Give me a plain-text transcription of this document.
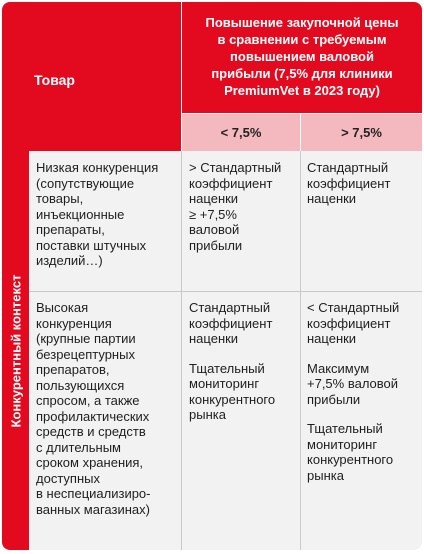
Товар
Повышение закупочной цены
в сравнении с требуемым
повышением валовой
прибыли (7,5% для клиники
PremiumVet в 2023 году)
< 7,5%	> 7,5%
Конкурентный контекст
Низкая конкуренция
(сопутствующие
товары,
инъекционные
препараты,
поставки штучных
изделий…)
> Стандартный
коэффициент
наценки
≥ +7,5%
валовой
прибыли
Стандартный
коэффициент
наценки
Высокая
конкуренция
(крупные партии
безрецептурных
препаратов,
пользующихся
спросом, а также
профилактических
средств и средств
с длительным
сроком хранения,
доступных
в неспециализиро-
ванных магазинах)
Стандартный
коэффициент
наценки
Тщательный
мониторинг
конкурентного
рынка
< Стандартный
коэффициент
наценки
Максимум
+7,5% валовой
прибыли
Тщательный
мониторинг
конкурентного
рынка
